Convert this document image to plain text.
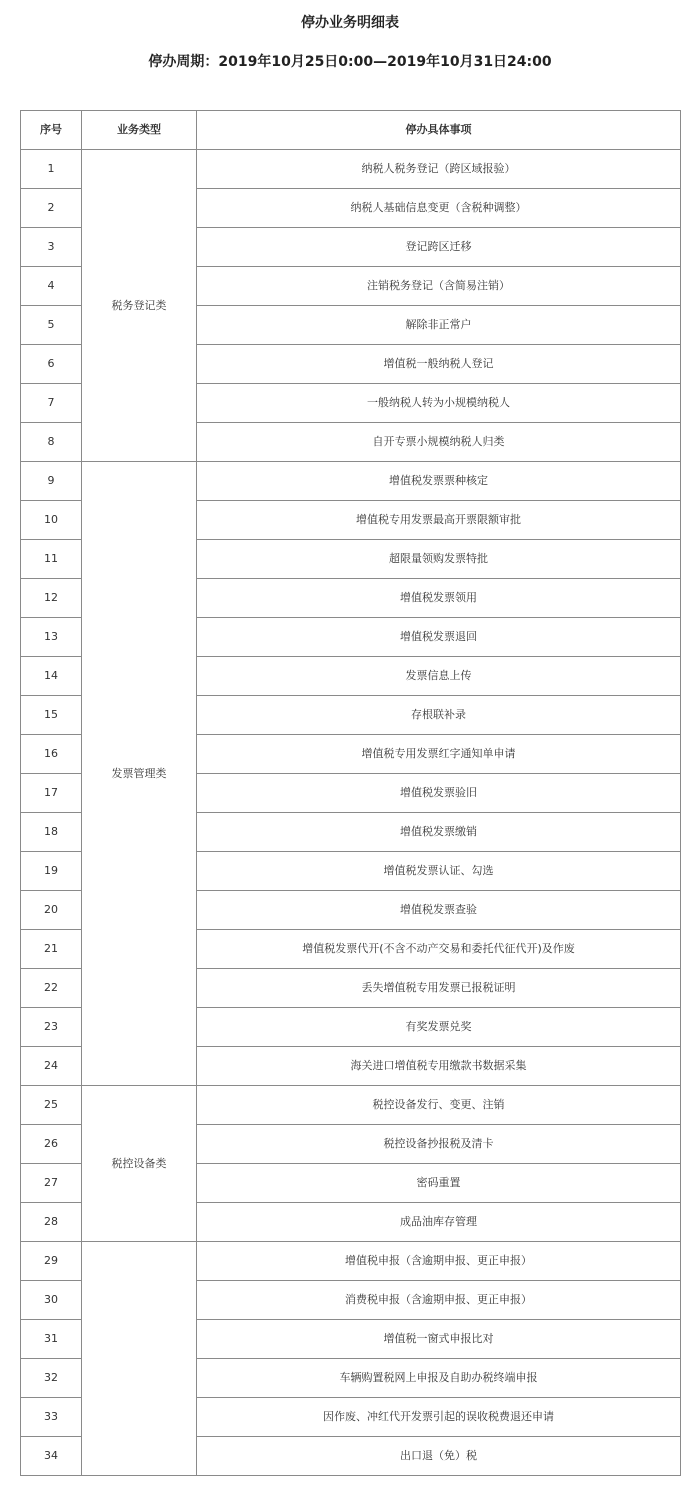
停办业务明细表
停办周期：2019年10月25日0:00—2019年10月31日24:00
序号	业务类型	停办具体事项
1	税务登记类	纳税人税务登记（跨区域报验）
2		纳税人基础信息变更（含税种调整）
3		登记跨区迁移
4		注销税务登记（含简易注销）
5		解除非正常户
6		增值税一般纳税人登记
7		一般纳税人转为小规模纳税人
8		自开专票小规模纳税人归类
9	发票管理类	增值税发票票种核定
10		增值税专用发票最高开票限额审批
11		超限量领购发票特批
12		增值税发票领用
13		增值税发票退回
14		发票信息上传
15		存根联补录
16		增值税专用发票红字通知单申请
17		增值税发票验旧
18		增值税发票缴销
19		增值税发票认证、勾选
20		增值税发票查验
21		增值税发票代开(不含不动产交易和委托代征代开)及作废
22		丢失增值税专用发票已报税证明
23		有奖发票兑奖
24		海关进口增值税专用缴款书数据采集
25	税控设备类	税控设备发行、变更、注销
26		税控设备抄报税及清卡
27		密码重置
28		成品油库存管理
29		增值税申报（含逾期申报、更正申报）
30		消费税申报（含逾期申报、更正申报）
31		增值税一窗式申报比对
32		车辆购置税网上申报及自助办税终端申报
33		因作废、冲红代开发票引起的误收税费退还申请
34		出口退（免）税
